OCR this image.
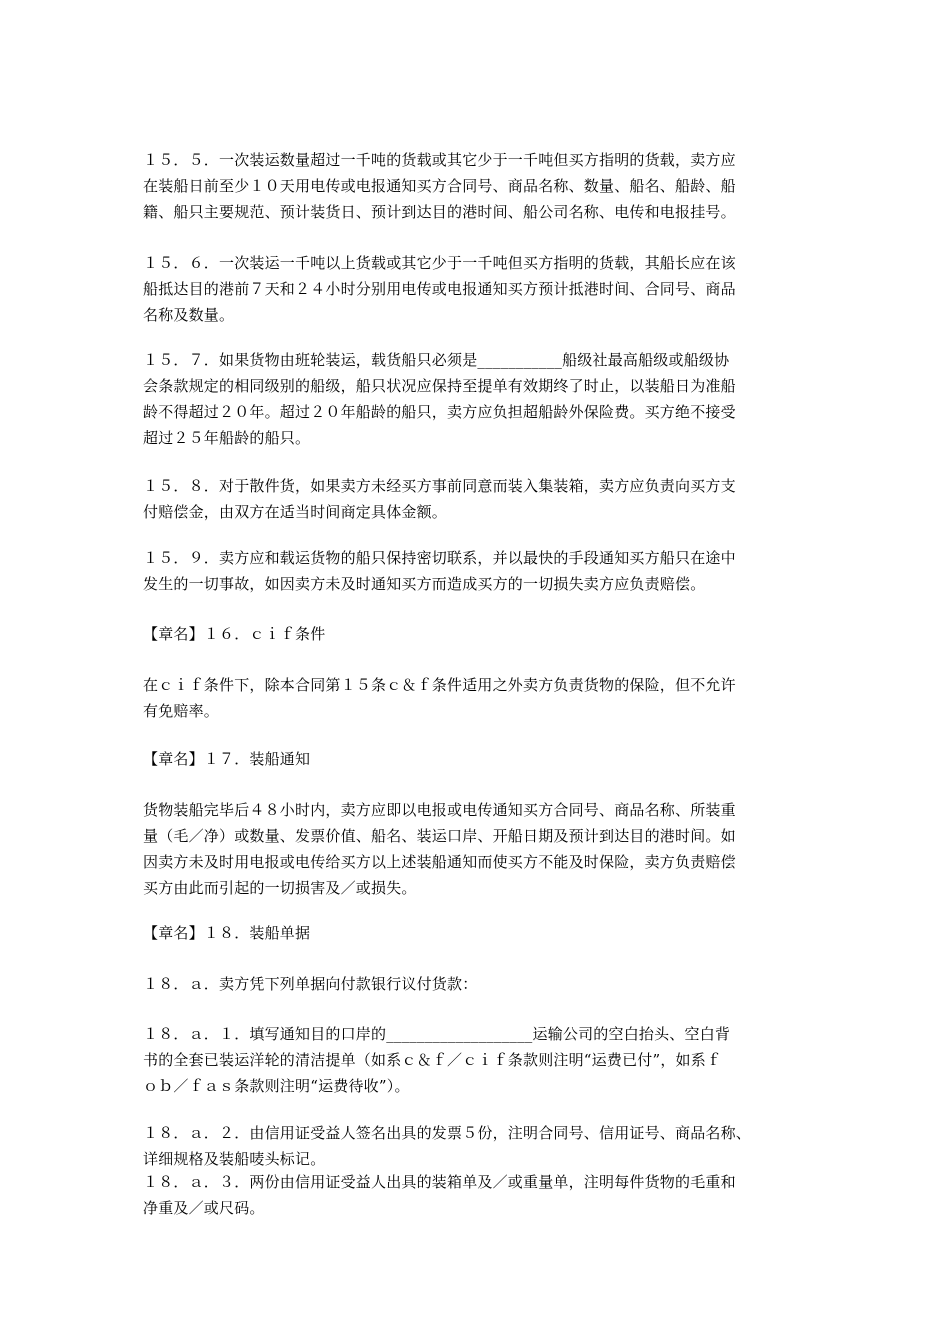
１５．５．一次装运数量超过一千吨的货载或其它少于一千吨但买方指明的货载，卖方应
在装船日前至少１０天用电传或电报通知买方合同号、商品名称、数量、船名、船龄、船
籍、船只主要规范、预计装货日、预计到达目的港时间、船公司名称、电传和电报挂号。
１５．６．一次装运一千吨以上货载或其它少于一千吨但买方指明的货载，其船长应在该
船抵达目的港前７天和２４小时分别用电传或电报通知买方预计抵港时间、合同号、商品
名称及数量。
１５．７．如果货物由班轮装运，载货船只必须是___________船级社最高船级或船级协
会条款规定的相同级别的船级，船只状况应保持至提单有效期终了时止，以装船日为准船
龄不得超过２０年。超过２０年船龄的船只，卖方应负担超船龄外保险费。买方绝不接受
超过２５年船龄的船只。
１５．８．对于散件货，如果卖方未经买方事前同意而装入集装箱，卖方应负责向买方支
付赔偿金，由双方在适当时间商定具体金额。
１５．９．卖方应和载运货物的船只保持密切联系，并以最快的手段通知买方船只在途中
发生的一切事故，如因卖方未及时通知买方而造成买方的一切损失卖方应负责赔偿。
【章名】１６．ｃｉｆ条件
在ｃｉｆ条件下，除本合同第１５条ｃ＆ｆ条件适用之外卖方负责货物的保险，但不允许
有免赔率。
【章名】１７．装船通知
货物装船完毕后４８小时内，卖方应即以电报或电传通知买方合同号、商品名称、所装重
量（毛／净）或数量、发票价值、船名、装运口岸、开船日期及预计到达目的港时间。如
因卖方未及时用电报或电传给买方以上述装船通知而使买方不能及时保险，卖方负责赔偿
买方由此而引起的一切损害及／或损失。
【章名】１８．装船单据
１８．ａ．卖方凭下列单据向付款银行议付货款：
１８．ａ．１．填写通知目的口岸的___________________运输公司的空白抬头、空白背
书的全套已装运洋轮的清洁提单（如系ｃ＆ｆ／ｃｉｆ条款则注明“运费已付”，如系ｆ
ｏｂ／ｆａｓ条款则注明“运费待收”）。
１８．ａ．２．由信用证受益人签名出具的发票５份，注明合同号、信用证号、商品名称、
详细规格及装船唛头标记。
１８．ａ．３．两份由信用证受益人出具的装箱单及／或重量单，注明每件货物的毛重和
净重及／或尺码。
